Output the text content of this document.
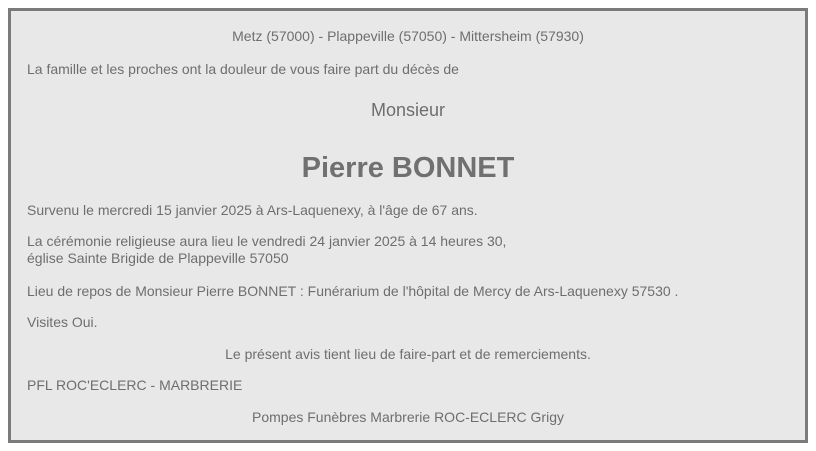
Metz (57000) - Plappeville (57050) - Mittersheim (57930)
La famille et les proches ont la douleur de vous faire part du décès de
Monsieur
Pierre BONNET
Survenu le mercredi 15 janvier 2025 à Ars-Laquenexy, à l'âge de 67 ans.
La cérémonie religieuse aura lieu le vendredi 24 janvier 2025 à 14 heures 30,
église Sainte Brigide de Plappeville 57050
Lieu de repos de Monsieur Pierre BONNET : Funérarium de l'hôpital de Mercy de Ars-Laquenexy 57530 .
Visites Oui.
Le présent avis tient lieu de faire-part et de remerciements.
PFL ROC'ECLERC - MARBRERIE
Pompes Funèbres Marbrerie ROC-ECLERC Grigy
